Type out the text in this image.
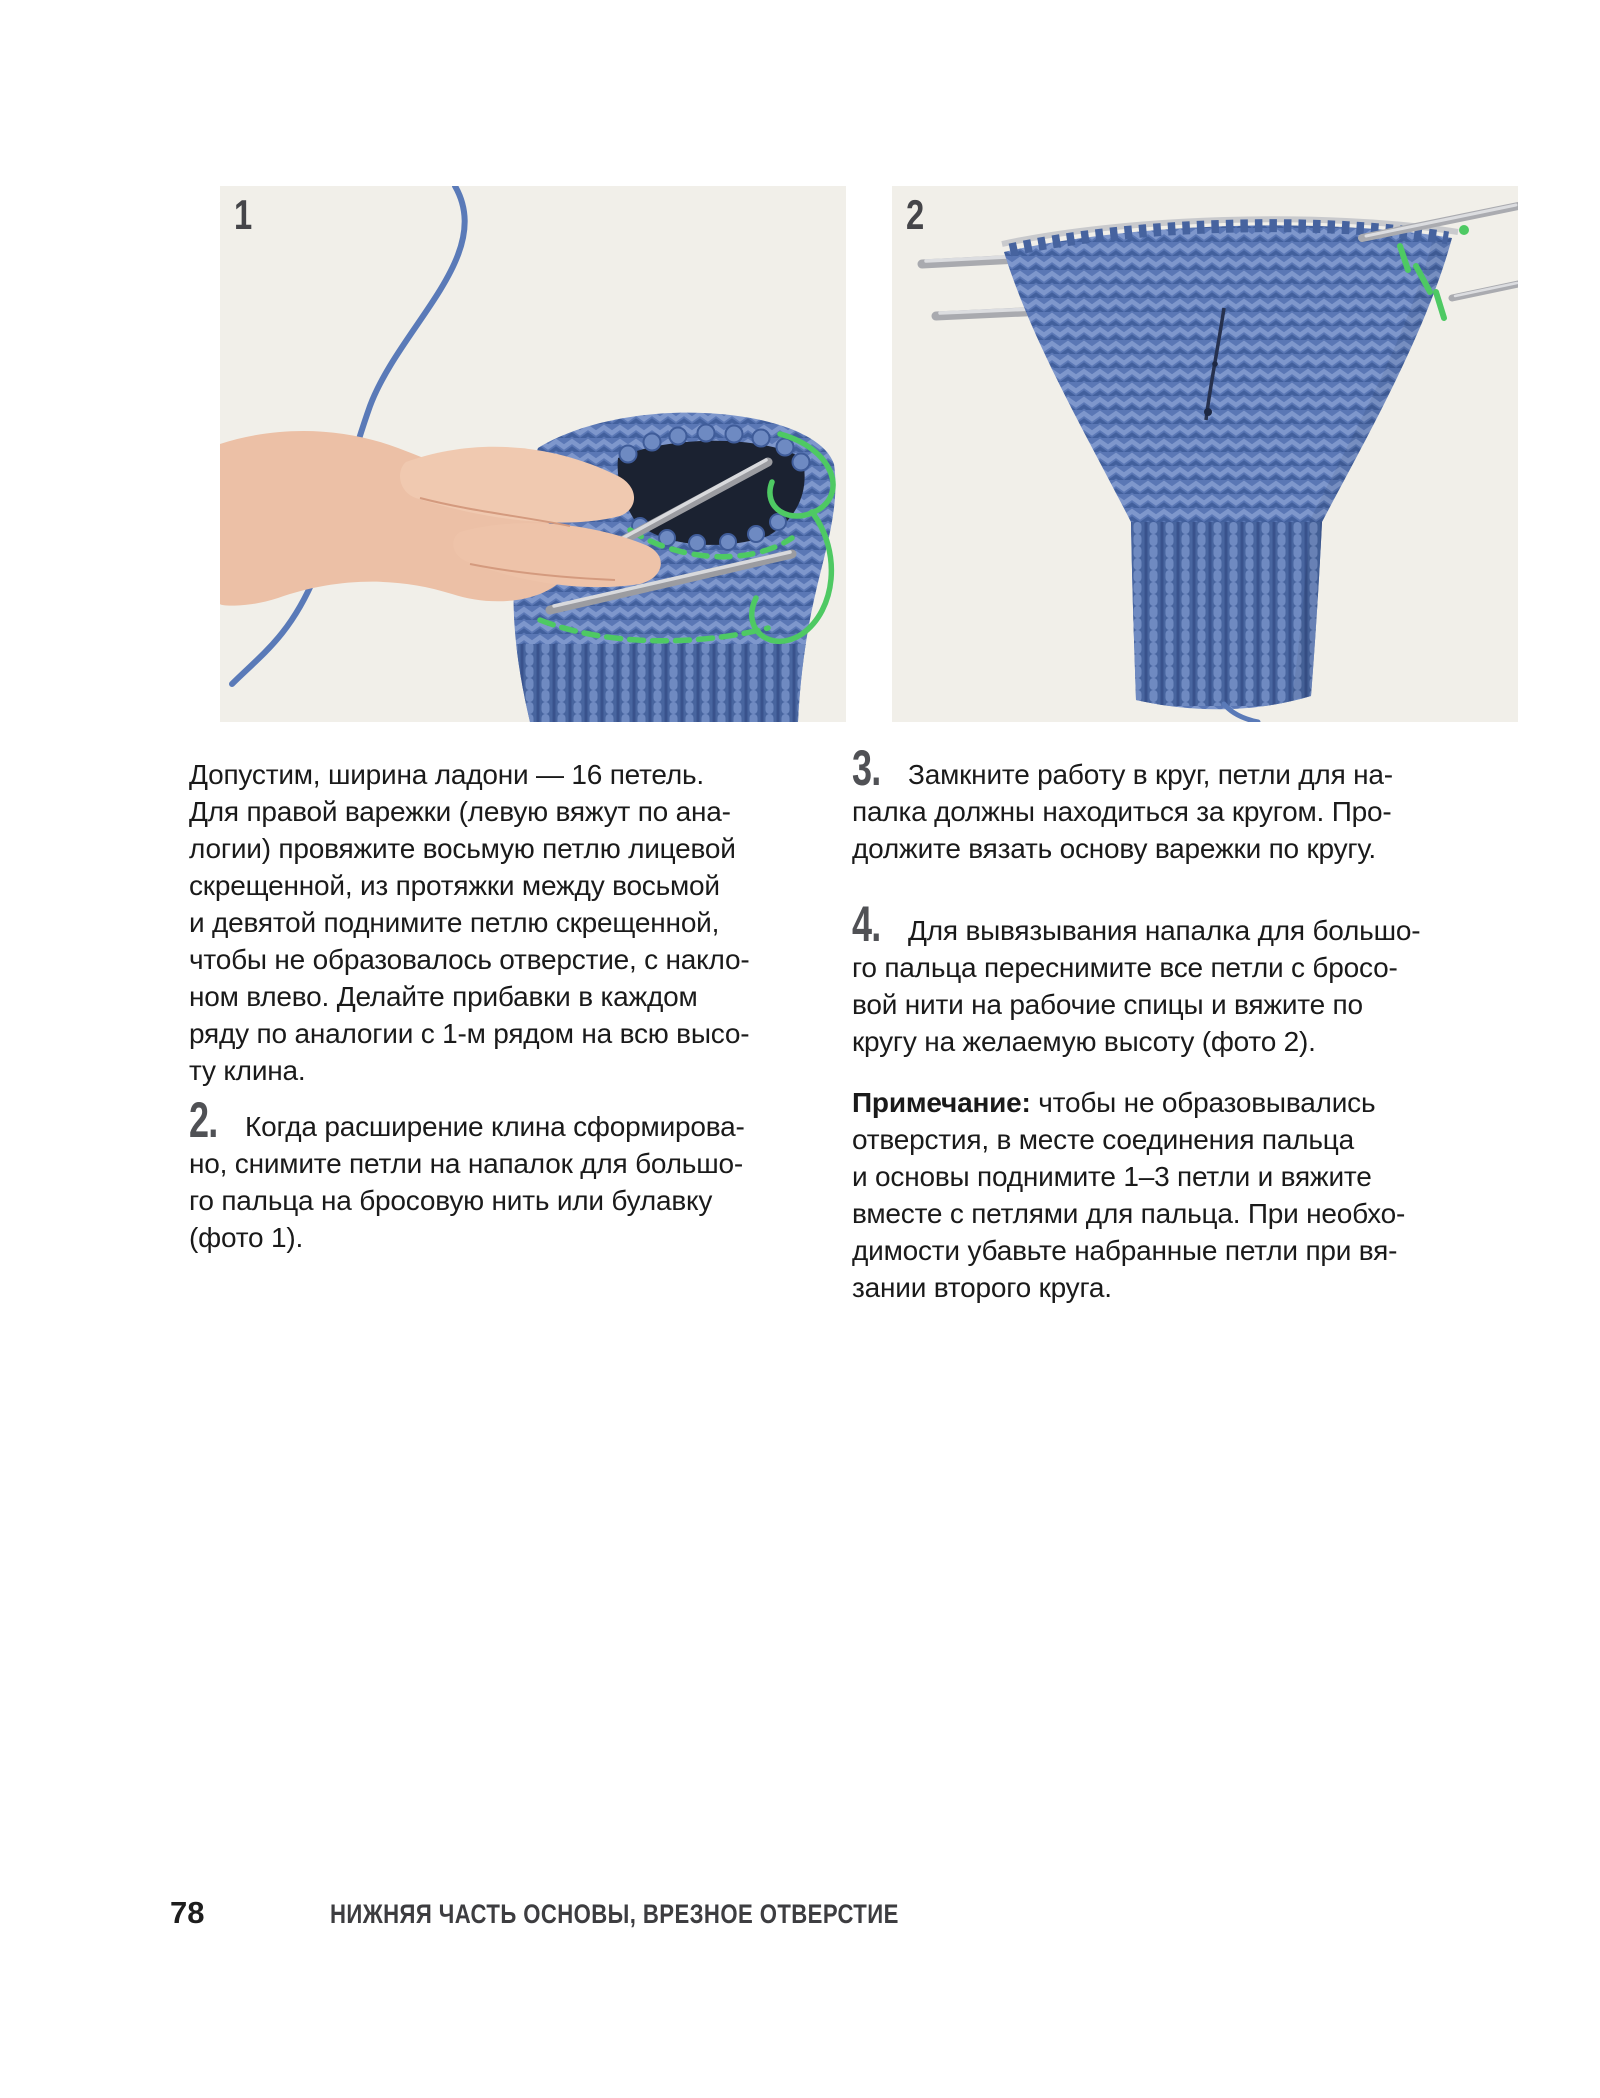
1	2
Допустим, ширина ладони — 16 петель.
Для правой варежки (левую вяжут по ана-
логии) провяжите восьмую петлю лицевой
скрещенной, из протяжки между восьмой
и девятой поднимите петлю скрещенной,
чтобы не образовалось отверстие, с накло-
ном влево. Делайте прибавки в каждом
ряду по аналогии с 1-м рядом на всю высо-
ту клина.
2. Когда расширение клина сформирова-
но, снимите петли на напалок для большо-
го пальца на бросовую нить или булавку
(фото 1).
3. Замкните работу в круг, петли для на-
палка должны находиться за кругом. Про-
должите вязать основу варежки по кругу.
4. Для вывязывания напалка для большо-
го пальца переснимите все петли с бросо-
вой нити на рабочие спицы и вяжите по
кругу на желаемую высоту (фото 2).
Примечание: чтобы не образовывались
отверстия, в месте соединения пальца
и основы поднимите 1–3 петли и вяжите
вместе с петлями для пальца. При необхо-
димости убавьте набранные петли при вя-
зании второго круга.
78	НИЖНЯЯ ЧАСТЬ ОСНОВЫ, ВРЕЗНОЕ ОТВЕРСТИЕ
